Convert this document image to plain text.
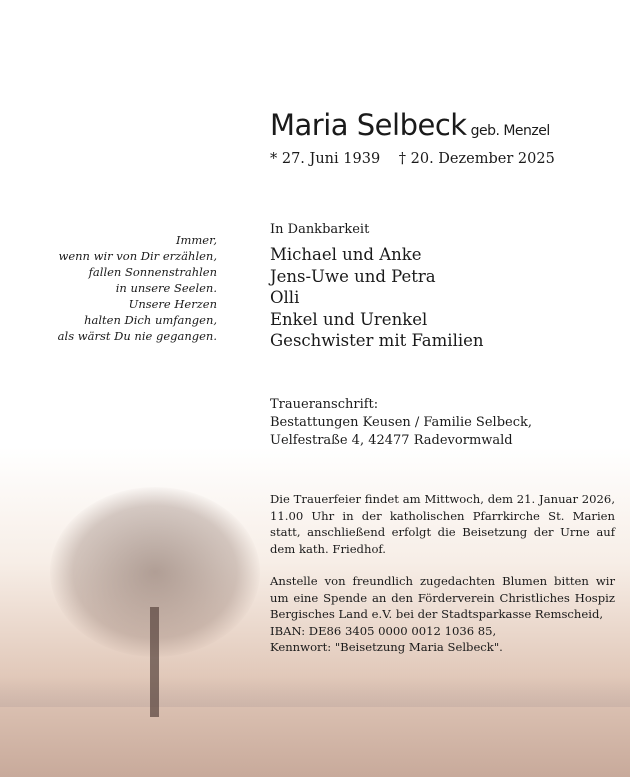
Maria Selbeck geb. Menzel
* 27. Juni 1939 † 20. Dezember 2025
Immer,
wenn wir von Dir erzählen,
fallen Sonnenstrahlen
in unsere Seelen.
Unsere Herzen
halten Dich umfangen,
als wärst Du nie gegangen.
In Dankbarkeit
Michael und Anke
Jens-Uwe und Petra
Olli
Enkel und Urenkel
Geschwister mit Familien
Traueranschrift:
Bestattungen Keusen / Familie Selbeck,
Uelfestraße 4, 42477 Radevormwald

Die Trauerfeier findet am Mittwoch, dem 21. Januar 2026, 11.00 Uhr in der katholischen Pfarrkirche St. Marien statt, anschließend erfolgt die Beisetzung der Urne auf dem kath. Friedhof.

Anstelle von freundlich zugedachten Blumen bitten wir um eine Spende an den Förderverein Christliches Hospiz Bergisches Land e.V. bei der Stadtsparkasse Remscheid,
IBAN: DE86 3405 0000 0012 1036 85,
Kennwort: "Beisetzung Maria Selbeck".
